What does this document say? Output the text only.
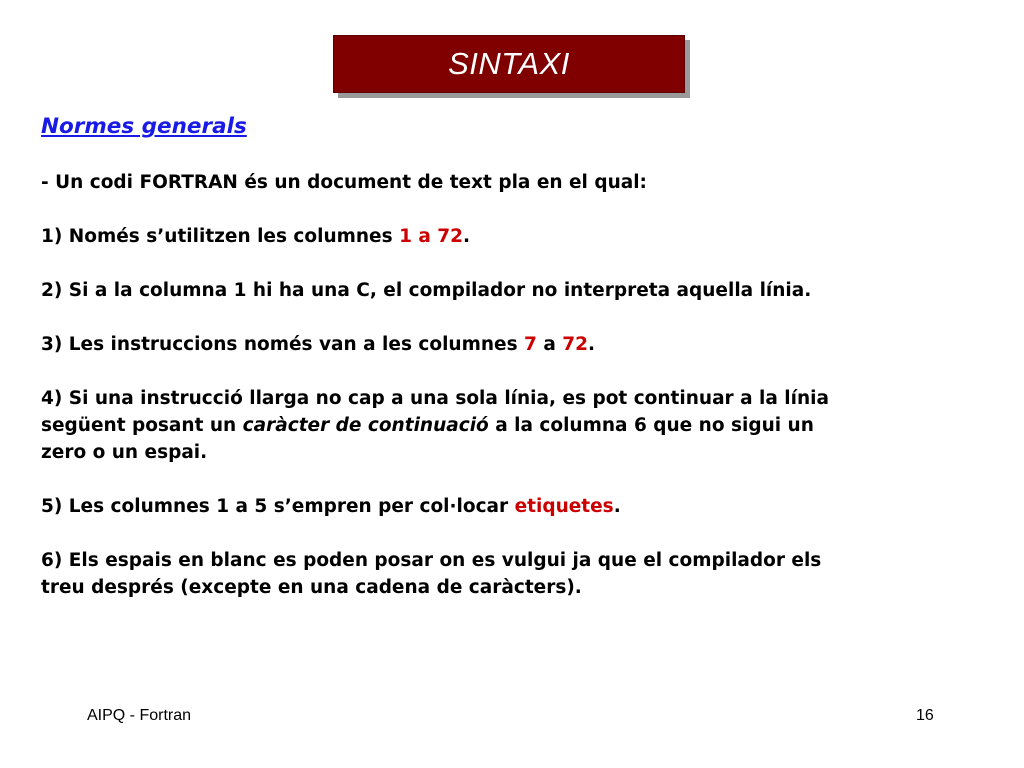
SINTAXI

Normes generals

- Un codi FORTRAN és un document de text pla en el qual:

1) Només s’utilitzen les columnes 1 a 72.

2) Si a la columna 1 hi ha una C, el compilador no interpreta aquella línia.

3) Les instruccions només van a les columnes 7 a 72.

4) Si una instrucció llarga no cap a una sola línia, es pot continuar a la línia

següent posant un caràcter de continuació a la columna 6 que no sigui un

zero o un espai.

5) Les columnes 1 a 5 s’empren per col·locar etiquetes.

6) Els espais en blanc es poden posar on es vulgui ja que el compilador els

treu després (excepte en una cadena de caràcters).

AIPQ - Fortran	16
